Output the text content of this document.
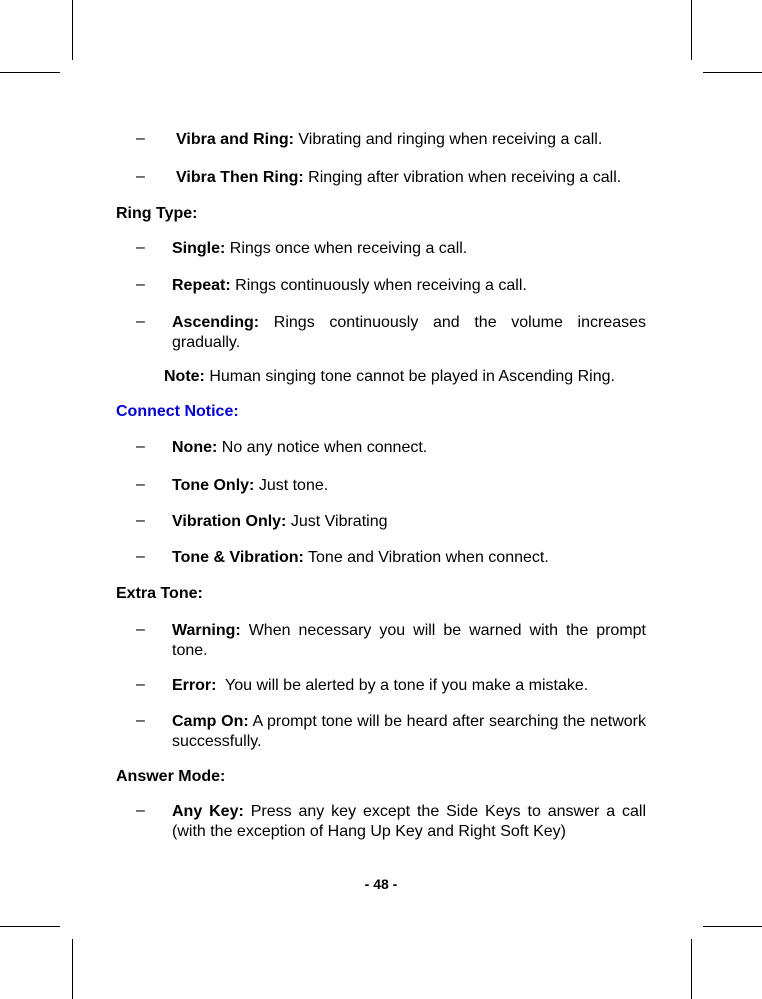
–	Vibra and Ring: Vibrating and ringing when receiving a call.
–	Vibra Then Ring: Ringing after vibration when receiving a call.
Ring Type:
–	Single: Rings once when receiving a call.
–	Repeat: Rings continuously when receiving a call.
–	Ascending: Rings continuously and the volume increases gradually.
Note: Human singing tone cannot be played in Ascending Ring.
Connect Notice:
–	None: No any notice when connect.
–	Tone Only: Just tone.
–	Vibration Only: Just Vibrating
–	Tone & Vibration: Tone and Vibration when connect.
Extra Tone:
–	Warning: When necessary you will be warned with the prompt tone.
–	Error:  You will be alerted by a tone if you make a mistake.
–	Camp On: A prompt tone will be heard after searching the network successfully.
Answer Mode:
–	Any Key: Press any key except the Side Keys to answer a call (with the exception of Hang Up Key and Right Soft Key)
- 48 -
